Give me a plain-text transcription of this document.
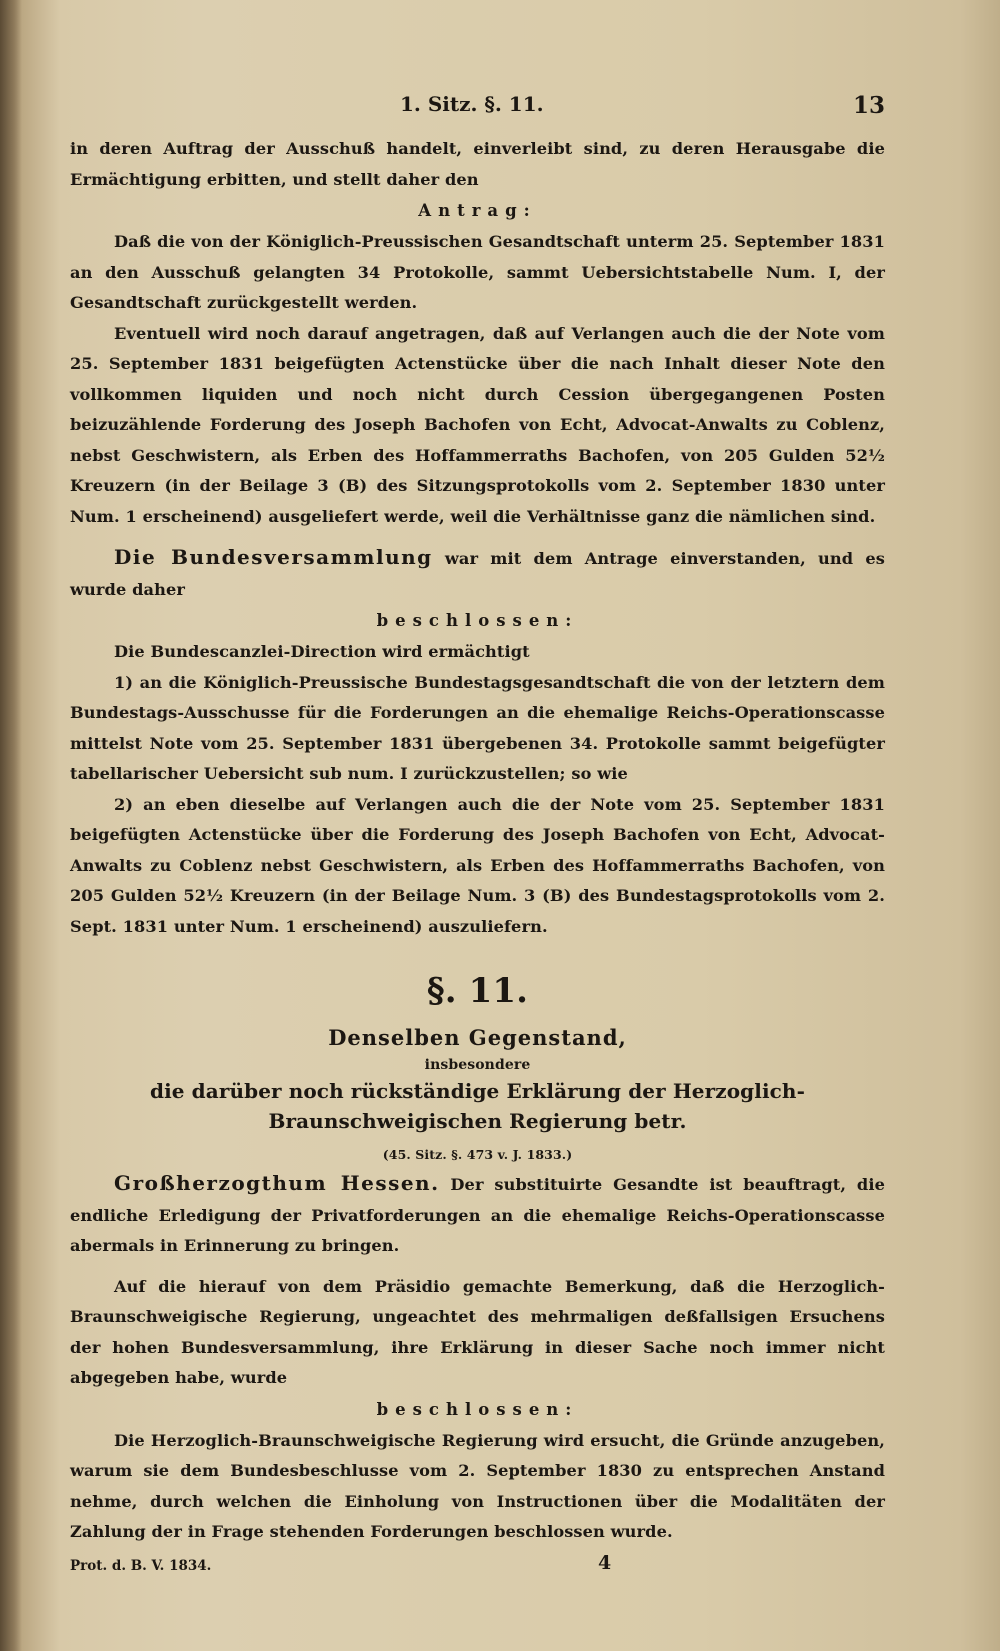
1. Sitz. §. 11.	13

in deren Auftrag der Ausschuß handelt, einverleibt sind, zu deren Herausgabe die Ermächtigung erbitten, und stellt daher den

Antrag:

Daß die von der Königlich-Preussischen Gesandtschaft unterm 25. September 1831 an den Ausschuß gelangten 34 Protokolle, sammt Uebersichtstabelle Num. I, der Gesandtschaft zurückgestellt werden.

Eventuell wird noch darauf angetragen, daß auf Verlangen auch die der Note vom 25. September 1831 beigefügten Actenstücke über die nach Inhalt dieser Note den vollkommen liquiden und noch nicht durch Cession übergegangenen Posten beizuzählende Forderung des Joseph Bachofen von Echt, Advocat-Anwalts zu Coblenz, nebst Geschwistern, als Erben des Hoffammerraths Bachofen, von 205 Gulden 52½ Kreuzern (in der Beilage 3 (B) des Sitzungsprotokolls vom 2. September 1830 unter Num. 1 erscheinend) ausgeliefert werde, weil die Verhältnisse ganz die nämlichen sind.

Die Bundesversammlung war mit dem Antrage einverstanden, und es wurde daher

beschlossen:

Die Bundescanzlei-Direction wird ermächtigt

1) an die Königlich-Preussische Bundestagsgesandtschaft die von der letztern dem Bundestags-Ausschusse für die Forderungen an die ehemalige Reichs-Operationscasse mittelst Note vom 25. September 1831 übergebenen 34. Protokolle sammt beigefügter tabellarischer Uebersicht sub num. I zurückzustellen; so wie

2) an eben dieselbe auf Verlangen auch die der Note vom 25. September 1831 beigefügten Actenstücke über die Forderung des Joseph Bachofen von Echt, Advocat-Anwalts zu Coblenz nebst Geschwistern, als Erben des Hoffammerraths Bachofen, von 205 Gulden 52½ Kreuzern (in der Beilage Num. 3 (B) des Bundestagsprotokolls vom 2. Sept. 1831 unter Num. 1 erscheinend) auszuliefern.

§. 11.

Denselben Gegenstand,

insbesondere

die darüber noch rückständige Erklärung der Herzoglich-Braunschweigischen Regierung betr.

(45. Sitz. §. 473 v. J. 1833.)

Großherzogthum Hessen. Der substituirte Gesandte ist beauftragt, die endliche Erledigung der Privatforderungen an die ehemalige Reichs-Operationscasse abermals in Erinnerung zu bringen.

Auf die hierauf von dem Präsidio gemachte Bemerkung, daß die Herzoglich-Braunschweigische Regierung, ungeachtet des mehrmaligen deßfallsigen Ersuchens der hohen Bundesversammlung, ihre Erklärung in dieser Sache noch immer nicht abgegeben habe, wurde

beschlossen:

Die Herzoglich-Braunschweigische Regierung wird ersucht, die Gründe anzugeben, warum sie dem Bundesbeschlusse vom 2. September 1830 zu entsprechen Anstand nehme, durch welchen die Einholung von Instructionen über die Modalitäten der Zahlung der in Frage stehenden Forderungen beschlossen wurde.

Prot. d. B. V. 1834.	4
